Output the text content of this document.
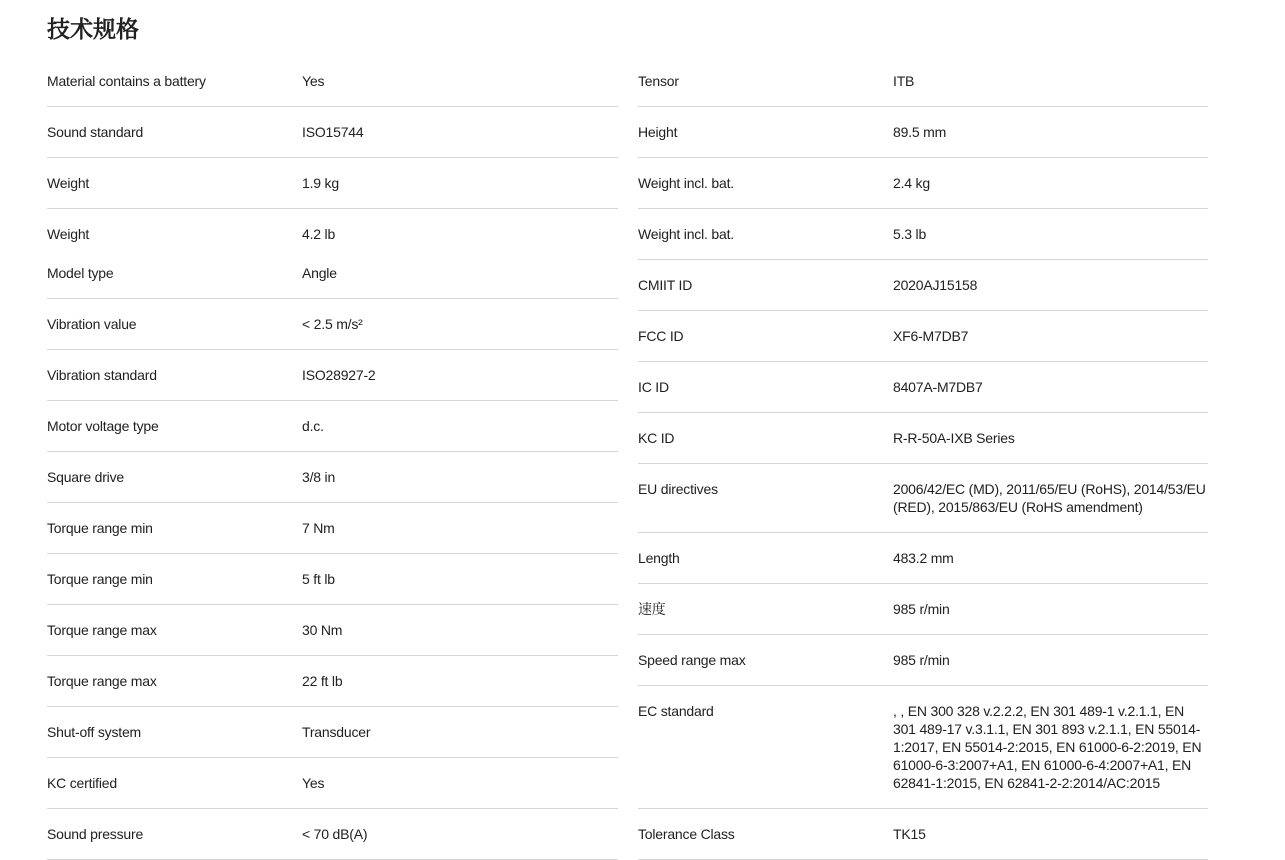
技术规格
Material contains a battery	Yes
Sound standard	ISO15744
Weight	1.9 kg
Weight	4.2 lb
Model type	Angle
Vibration value	< 2.5 m/s²
Vibration standard	ISO28927-2
Motor voltage type	d.c.
Square drive	3/8 in
Torque range min	7 Nm
Torque range min	5 ft lb
Torque range max	30 Nm
Torque range max	22 ft lb
Shut-off system	Transducer
KC certified	Yes
Sound pressure	< 70 dB(A)
Tensor	ITB
Height	89.5 mm
Weight incl. bat.	2.4 kg
Weight incl. bat.	5.3 lb
CMIIT ID	2020AJ15158
FCC ID	XF6-M7DB7
IC ID	8407A-M7DB7
KC ID	R-R-50A-IXB Series
EU directives	2006/42/EC (MD), 2011/65/EU (RoHS), 2014/53/EU (RED), 2015/863/EU (RoHS amendment)
Length	483.2 mm
速度	985 r/min
Speed range max	985 r/min
EC standard	, , EN 300 328 v.2.2.2, EN 301 489-1 v.2.1.1, EN 301 489-17 v.3.1.1, EN 301 893 v.2.1.1, EN 55014-1:2017, EN 55014-2:2015, EN 61000-6-2:2019, EN 61000-6-3:2007+A1, EN 61000-6-4:2007+A1, EN 62841-1:2015, EN 62841-2-2:2014/AC:2015
Tolerance Class	TK15
